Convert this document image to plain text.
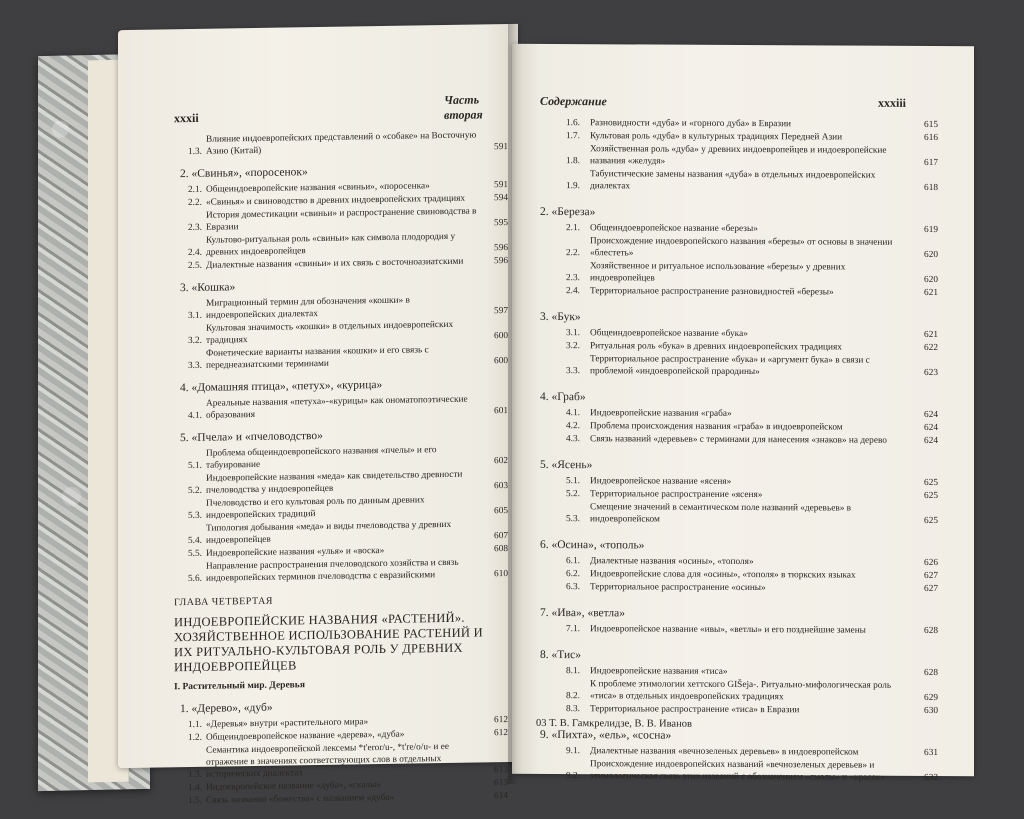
xxxii
Часть вторая
1.3.
Влияние индоевропейских представлений о «собаке» на Восточную Азию (Китай)	591
2. «Свинья», «поросенок»
2.1. Общеиндоевропейские названия «свиньи», «поросенка»	591
2.2. «Свинья» и свиноводство в древних индоевропейских традициях	594
2.3.
История доместикации «свиньи» и распространение свиноводства в Евразии	595
2.4.
Культово-ритуальная роль «свиньи» как символа плодородия у древних индоевропейцев	596
2.5. Диалектные названия «свиньи» и их связь с восточноазиатскими	596
3. «Кошка»
3.1.
Миграционный термин для обозначения «кошки» в индоевропейских диалектах	597
3.2.
Культовая значимость «кошки» в отдельных индоевропейских традициях	600
3.3.
Фонетические варианты названия «кошки» и его связь с переднеазиатскими терминами	600
4. «Домашняя птица», «петух», «курица»
4.1.
Ареальные названия «петуха»-«курицы» как ономатопоэтические образования	601
5. «Пчела» и «пчеловодство»
5.1.
Проблема общеиндоевропейского названия «пчелы» и его табуирование	602
5.2.
Индоевропейские названия «меда» как свидетельство древности пчеловодства у индоевропейцев	603
5.3.
Пчеловодство и его культовая роль по данным древних индоевропейских традиций	605
5.4.
Типология добывания «меда» и виды пчеловодства у древних индоевропейцев	607
5.5. Индоевропейские названия «улья» и «воска»	608
5.6.
Направление распространения пчеловодского хозяйства и связь индоевропейских терминов пчеловодства с евразийскими	610
ГЛАВА ЧЕТВЕРТАЯ
ИНДОЕВРОПЕЙСКИЕ НАЗВАНИЯ «РАСТЕНИЙ». ХОЗЯЙСТВЕННОЕ ИСПОЛЬЗОВАНИЕ РАСТЕНИЙ И ИХ РИТУАЛЬНО-КУЛЬТОВАЯ РОЛЬ У ДРЕВНИХ ИНДОЕВРОПЕЙЦЕВ
I. Растительный мир. Деревья
1. «Дерево», «дуб»
1.1. «Деревья» внутри «растительного мира»	612
1.2. Общеиндоевропейское название «дерева», «дуба»	612
1.3.
Семантика индоевропейской лексемы *t'eror/u-, *t're/o/u- и ее отражение в значениях соответствующих слов в отдельных исторических диалектах	613
1.4. Индоевропейское название «дуба», «скалы»	613
1.5. Связь названия «божества» с названием «дуба»	614
Содержание	xxxiii
1.6.	Разновидности «дуба» и «горного дуба» в Евразии	615
1.7.	Культовая роль «дуба» в культурных традициях Передней Азии	616
1.8.
Хозяйственная роль «дуба» у древних индоевропейцев и индоевропейские названия «желудя»	617
1.9.
Табуистические замены названия «дуба» в отдельных индоевропейских диалектах	618
2. «Береза»
2.1.	Общеиндоевропейское название «березы»	619
2.2.
Происхождение индоевропейского названия «березы» от основы в значении «блестеть»	620
2.3.
Хозяйственное и ритуальное использование «березы» у древних индоевропейцев	620
2.4.	Территориальное распространение разновидностей «березы»	621
3. «Бук»
3.1.	Общеиндоевропейское название «бука»	621
3.2.	Ритуальная роль «бука» в древних индоевропейских традициях	622
3.3.
Территориальное распространение «бука» и «аргумент бука» в связи с проблемой «индоевропейской прародины»	623
4. «Граб»
4.1.	Индоевропейские названия «граба»	624
4.2.	Проблема происхождения названия «граба» в индоевропейском	624
4.3.	Связь названий «деревьев» с терминами для нанесения «знаков» на дерево	624
5. «Ясень»
5.1.	Индоевропейское название «ясеня»	625
5.2.	Территориальное распространение «ясеня»	625
5.3.
Смещение значений в семантическом поле названий «деревьев» в индоевропейском	625
6. «Осина», «тополь»
6.1.	Диалектные названия «осины», «тополя»	626
6.2.	Индоевропейские слова для «осины», «тополя» в тюркских языках	627
6.3.	Территориальное распространение «осины»	627
7. «Ива», «ветла»
7.1.	Индоевропейское название «ивы», «ветлы» и его позднейшие замены	628
8. «Тис»
8.1.	Индоевропейские названия «тиса»	628
8.2.
К проблеме этимологии хеттского GIŠeja-. Ритуально-мифологическая роль «тиса» в отдельных индоевропейских традициях	629
8.3.	Территориальное распространение «тиса» в Евразии	630
9. «Пихта», «ель», «сосна»
9.1.	Диалектные названия «вечнозеленых деревьев» в индоевропейском	631
9.2.
Происхождение индоевропейских названий «вечнозеленых деревьев» и этимологическая связь этих названий с обозначением «смолы» и «красок»	632
03 Т. В. Гамкрелидзе, В. В. Иванов
